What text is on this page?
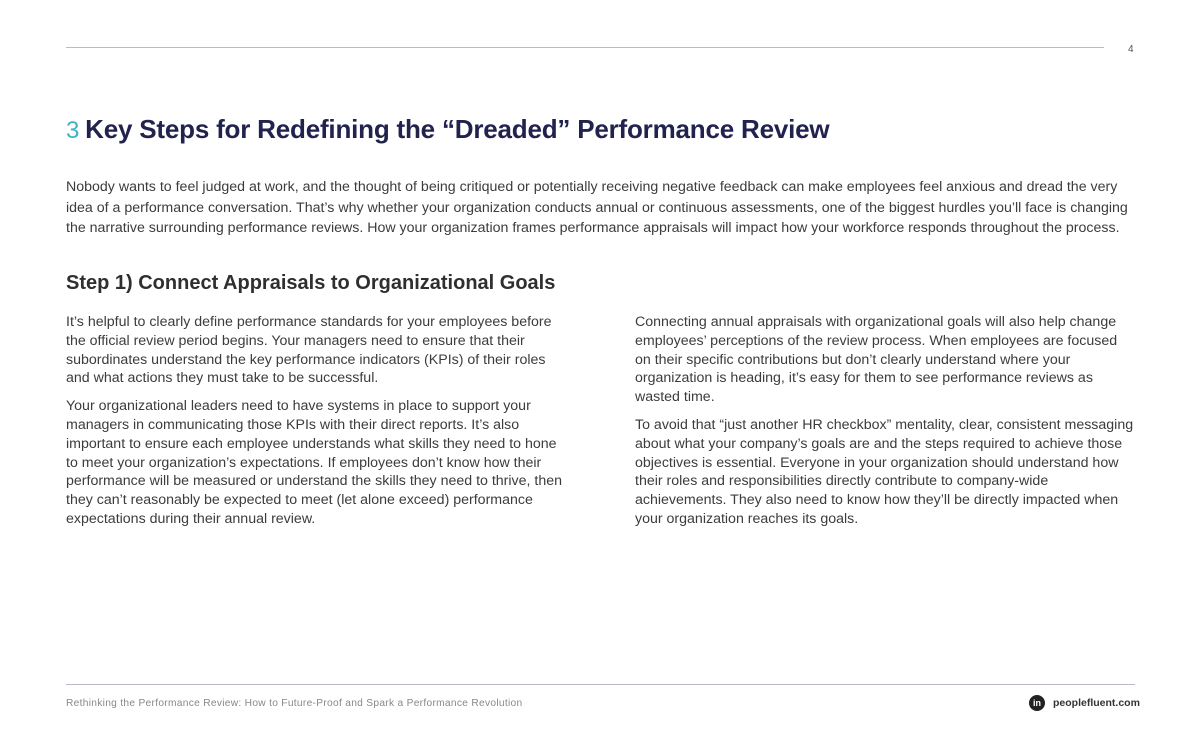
4
3 Key Steps for Redefining the “Dreaded” Performance Review

Nobody wants to feel judged at work, and the thought of being critiqued or potentially receiving negative feedback can make employees feel anxious and dread the very idea of a performance conversation. That’s why whether your organization conducts annual or continuous assessments, one of the biggest hurdles you’ll face is changing the narrative surrounding performance reviews. How your organization frames performance appraisals will impact how your workforce responds throughout the process.

Step 1) Connect Appraisals to Organizational Goals

It’s helpful to clearly define performance standards for your employees before the official review period begins. Your managers need to ensure that their subordinates understand the key performance indicators (KPIs) of their roles and what actions they must take to be successful.

Your organizational leaders need to have systems in place to support your managers in communicating those KPIs with their direct reports. It’s also important to ensure each employee understands what skills they need to hone to meet your organization’s expectations. If employees don’t know how their performance will be measured or understand the skills they need to thrive, then they can’t reasonably be expected to meet (let alone exceed) performance expectations during their annual review.

Connecting annual appraisals with organizational goals will also help change employees’ perceptions of the review process. When employees are focused on their specific contributions but don’t clearly understand where your organization is heading, it’s easy for them to see performance reviews as wasted time.

To avoid that “just another HR checkbox” mentality, clear, consistent messaging about what your company’s goals are and the steps required to achieve those objectives is essential. Everyone in your organization should understand how their roles and responsibilities directly contribute to company-wide achievements. They also need to know how they’ll be directly impacted when your organization reaches its goals.

Rethinking the Performance Review: How to Future-Proof and Spark a Performance Revolution	in	peoplefluent.com
